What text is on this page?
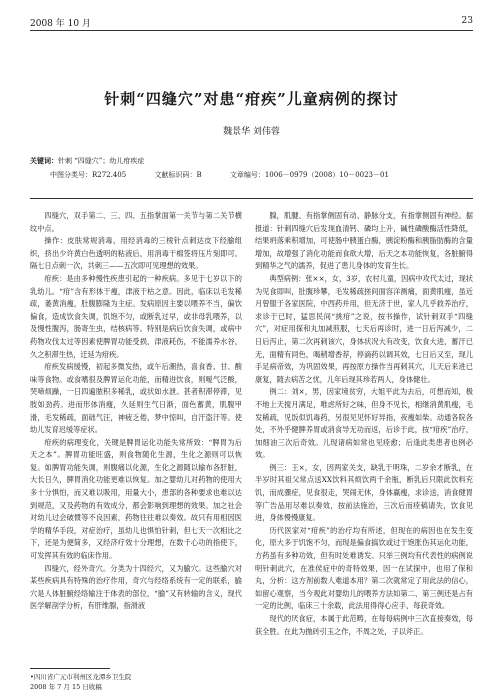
2008 年 10 月	23
针刺“四缝穴”对患“疳疾”儿童病例的探讨
魏景华 刘伟蓉
关键词：针刺 “四缝穴”；幼儿疳疾症
中图分类号：R272.405	文献标识码：B	文章编号：1006－0979（2008）10－0023－01

四缝穴，双手第二、三、四、五指掌面第一关节与第二关节横纹中点。

操作：皮肤常规消毒，用经消毒的三棱针点刺达皮下经腧组织，挤出少许黄白色透明的粘液后，用消毒干棉签将压片刻即可。隔七日点刺一次，共刺三——五次即可见理想的效果。

疳疾：是由多种慢性疾患引起的一种疾病。多见于七岁以下的乳幼儿。“疳”含有形体干瘦，津液干枯之意。因此，临床以毛发稀疏，萎黄消瘦，肚腹膨隆为主症。发病原因主要以喂养不当，偏饮偏食，造成饮食失调，饥饱不匀，或断乳过早，或非母乳喂养，以及慢性腹泻，肠寄生虫，结核病等。特别是病后饮食失调，或病中药物攻伐太过等因素使脾胃功能受损，津液耗伤，不能濡养水谷，久之积滞生热，迁延为疳疾。

疳疾发病缓慢，初起多微发热，或午后潮热，喜食香、甘、酸味等食物。或食嗜很及脾胃运化功能，而精进饮食，则嗳气泛酸，哭啼烦躁，一日四遍脓积多稀乳，或状如水泄。甚者积滞停滞，见肢如劲药。进而形体消瘦，久延则生气日渐，面色蓄黄，肌腹甲滑，毛发稀疏，面础气汪，神疲乏倦，梦中惊叫，自汗盗汗等。使幼儿发育迟缓等症状。

疳疾的病理变化，关键是脾胃运化功能失常所致：“脾胃为后天之本”。脾胃功能旺盛，则食物随化生源，生化之源则可以恢复。如脾胃功能失调，则腹痛以化源，生化之源随以输布各肝脏，大长日久，脾胃消化功能更难以恢复。加之婴幼儿对药物的使用大多十分惧怕，而又难以吸用，用量大小，患部的各种要求也难以达到规范，又及药物的有效成分，都会影响到理想的效果。加之社会对幼儿过会破惯等不良因素，药物往往难以奏效。故只有用相因医学的精华手段，对症治疗，虽幼儿也惧怕针刺，但七天一次相比之下，还是为便简多，又经济疗效十分理想，在数千心功的指使下，可发挥其有效的临床作用。

四缝穴，经外奇穴。分类为十四经穴，又为腧穴。这些腧穴对某些疾病具有特殊的治疗作用，奇穴与经络系统有一定的联系，腧穴是人体脏腑经络输注于体表的部位，“腧”又有转输的含义，现代医学解剖学分析，有肝维腺，指滑液

腺，肌腱、有指掌侧固有动、静脉分支，有指掌侧固有神经。据报道：针刺四缝穴后发现血清钙、磷均上升，碱性磷酸酶活性降低，结果坍落乘积增加，可使肠中胰蛋白酶，胰淀粉酶和胰脂肪酶的含量增加，故增强了消化功能而食欲大增，后天之本功能恢复，各脏腑得到精华之气的濡养，促进了患儿身体的发育生长。

典型病例：张××，女，3岁，农村儿童，因病中攻代太过，现状为见食即叫，肚腹珍攀，毛发稀疏搓间面容洋测痛，面黄肌瘦，虽近月曾服于各家医院，中西药并用，但无济于世，家人几乎救养治疗，求诊于已时，猛思民间“挑疳”之说，按书操作，试针刺双手“四缝穴”，对症用探和丸加减煎服，七天后再诊时，进一日后泻减少，二日后泻止，第二次再刺该穴，身体状况大有改变，饮食大进，蓄汗已无，面精有同色，喝稍增香荐，停滴药以调其效，七日后又至，现儿手足病帝效，为巩固效果，再按原方操作当再刺其穴，儿天后来进已康复，随去病苦之忧，儿年后现其珍若两人，身体健壮。

例二：刘×，男，因家境贫穷，大姐平此为去后，可想而知，极不地上天搅月满足，唯虑所好之味，但身不见长，相继消黄肌瘦，毛发稀疏，见饭似饥毒药，另很见见怀好异指，夜瘦如柴。动通各院各处，不外乎健脾养胃或消食导无功而返，后诊于此，按“疳疾”治疗，加细油三次后奇效。儿现诸病如常也见痊愈；后逢此类患者也例必效。

例三：王×，女，因两家关支，缺乳于明珠，二岁余才断乳，在半岁时其祖父常点送XX饮料其烦饮两千余瓶，断乳后只限此饮料充饥，而成骤症，见食很走，哭闹无休，身体赢瘦，求诊送，消食健胃等广告品用尽难以奏效，按前法施治，三次后而痊稿请失，饮食见进，身体慢慢康复。

历代医家对“疳疾”的治疗均有所述，但现在的病因也在发生变化，原大多于饥饱不匀，而现是偏食搞饮或过于饱胀伤其运化功能，方药虽有多种功效，但有时处难诱发。只举三例均有代表性的病例说明针刺此穴，在准侯症中的奇特效果，因一在试探中，也用了保和丸，分析：这方剂前数人难道本用？第二次就常定了用此法的信心，如留心观察，当今观此对婴幼儿的喂养方法如第二、第三例还是占有一定的比例，临床三十余载，此法用得得心应手，每获奇效。

现代的厌食症，本属于此范畴，在每每病例中三次直接奏效，每获全胜。在此为抛砖引玉之作，不周之处，子以斧正。

•四川省广元市利州区龙潭乡卫生院
2008 年 7 月 15 日收稿
